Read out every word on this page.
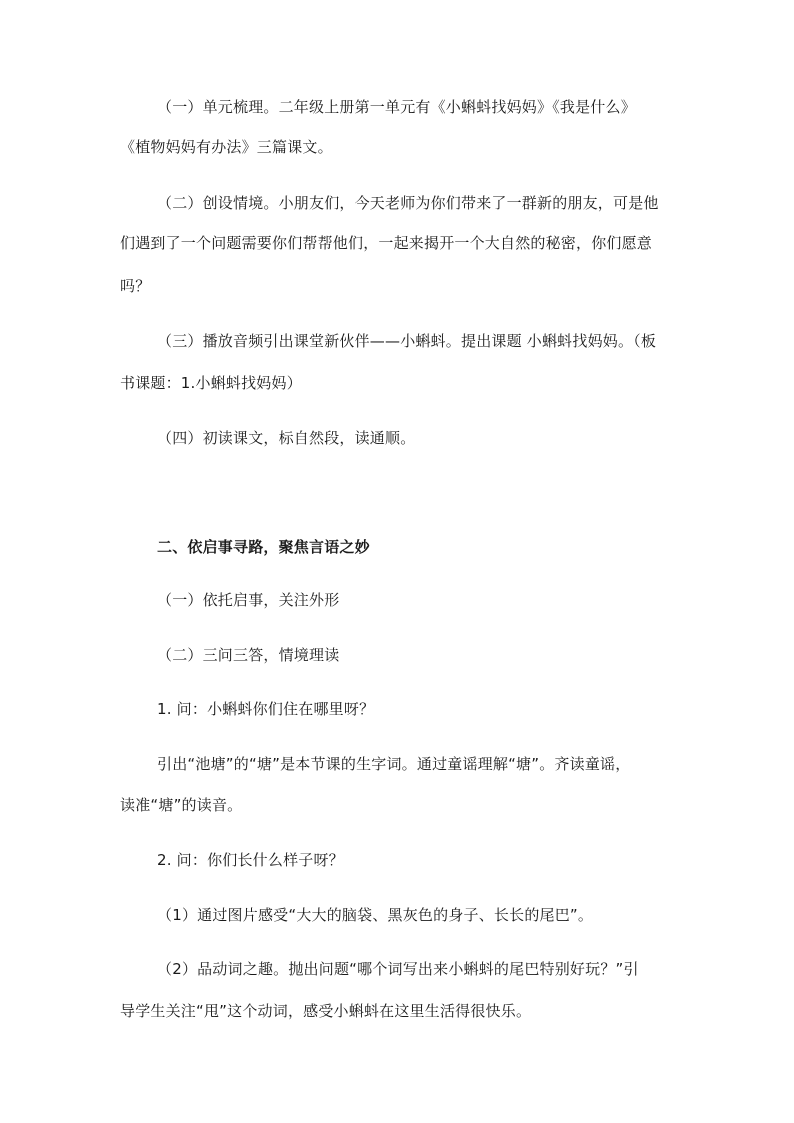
（一）单元梳理。二年级上册第一单元有《小蝌蚪找妈妈》《我是什么》
《植物妈妈有办法》三篇课文。
（二）创设情境。小朋友们，今天老师为你们带来了一群新的朋友，可是他
们遇到了一个问题需要你们帮帮他们，一起来揭开一个大自然的秘密，你们愿意
吗？
（三）播放音频引出课堂新伙伴——小蝌蚪。提出课题 小蝌蚪找妈妈。（板
书课题：1.小蝌蚪找妈妈）
（四）初读课文，标自然段，读通顺。
二、依启事寻路，聚焦言语之妙
（一）依托启事，关注外形
（二）三问三答，情境理读
1. 问：小蝌蚪你们住在哪里呀？
引出“池塘”的“塘”是本节课的生字词。通过童谣理解“塘”。齐读童谣，
读准“塘”的读音。
2. 问：你们长什么样子呀？
（1）通过图片感受“大大的脑袋、黑灰色的身子、长长的尾巴”。
（2）品动词之趣。抛出问题“哪个词写出来小蝌蚪的尾巴特别好玩？”引
导学生关注“甩”这个动词，感受小蝌蚪在这里生活得很快乐。
